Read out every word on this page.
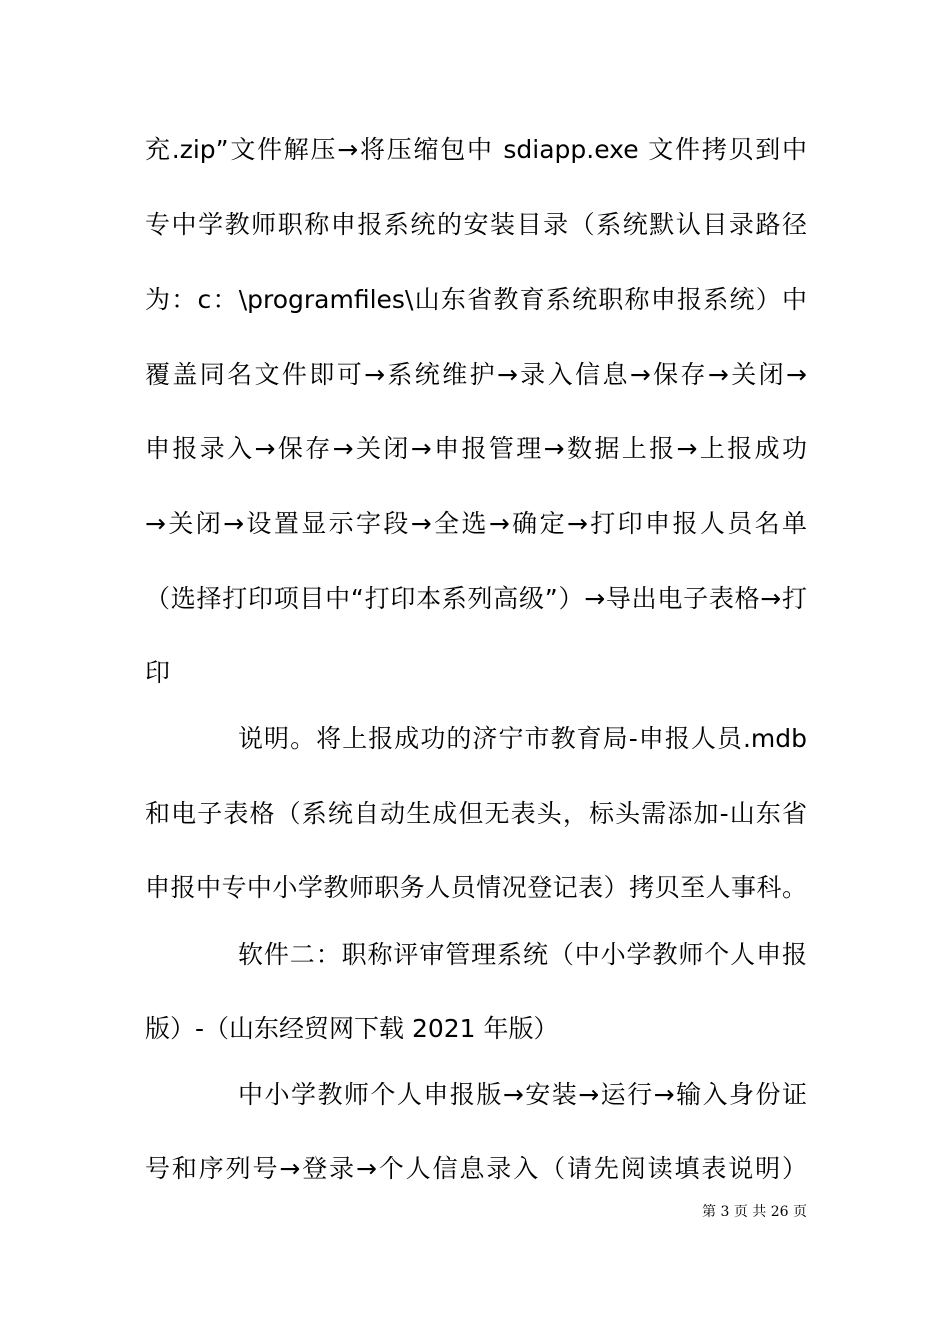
充.zip”文件解压→将压缩包中 sdiapp.exe 文件拷贝到中
专中学教师职称申报系统的安装目录（系统默认目录路径
为：c：\programfiles\山东省教育系统职称申报系统）中
覆盖同名文件即可→系统维护→录入信息→保存→关闭→
申报录入→保存→关闭→申报管理→数据上报→上报成功
→关闭→设置显示字段→全选→确定→打印申报人员名单
（选择打印项目中“打印本系列高级”）→导出电子表格→打
印
说明。将上报成功的济宁市教育局-申报人员.mdb
和电子表格（系统自动生成但无表头，标头需添加-山东省
申报中专中小学教师职务人员情况登记表）拷贝至人事科。
软件二：职称评审管理系统（中小学教师个人申报
版）-（山东经贸网下载 2021 年版）
中小学教师个人申报版→安装→运行→输入身份证
号和序列号→登录→个人信息录入（请先阅读填表说明）
第 3 页 共 26 页
